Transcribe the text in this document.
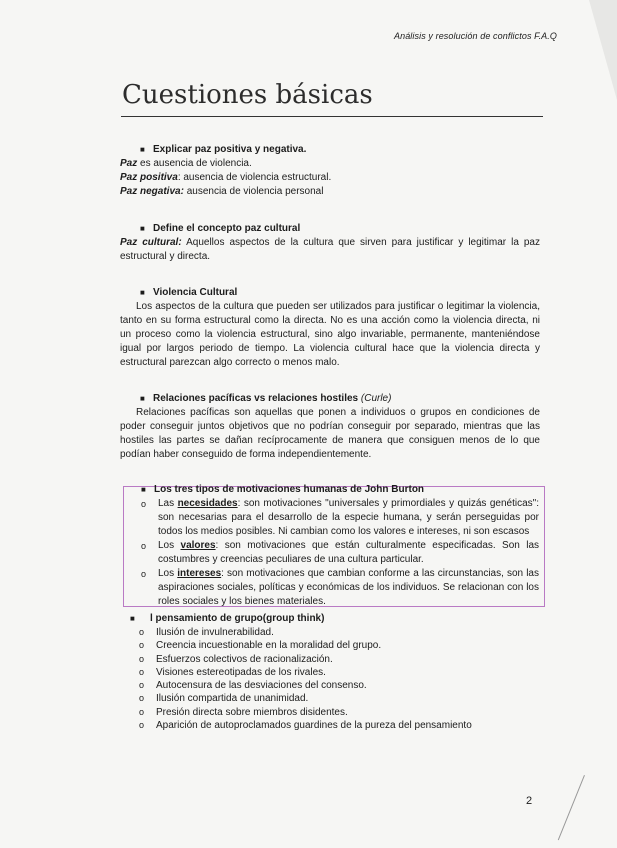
Análisis y resolución de conflictos F.A.Q
Cuestiones básicas
■ Explicar paz positiva y negativa.
Paz es ausencia de violencia.
Paz positiva: ausencia de violencia estructural.
Paz negativa: ausencia de violencia personal
■ Define el concepto paz cultural
Paz cultural: Aquellos aspectos de la cultura que sirven para justificar y legitimar la paz estructural y directa.
■ Violencia Cultural
Los aspectos de la cultura que pueden ser utilizados para justificar o legitimar la violencia, tanto en su forma estructural como la directa. No es una acción como la violencia directa, ni un proceso como la violencia estructural, sino algo invariable, permanente, manteniéndose igual por largos periodo de tiempo. La violencia cultural hace que la violencia directa y estructural parezcan algo correcto o menos malo.
■ Relaciones pacíficas vs relaciones hostiles (Curle)
Relaciones pacíficas son aquellas que ponen a individuos o grupos en condiciones de poder conseguir juntos objetivos que no podrían conseguir por separado, mientras que las hostiles las partes se dañan recíprocamente de manera que consiguen menos de lo que podían haber conseguido de forma independientemente.
■ Los tres tipos de motivaciones humanas de John Burton
o Las necesidades: son motivaciones "universales y primordiales y quizás genéticas": son necesarias para el desarrollo de la especie humana, y serán perseguidas por todos los medios posibles. Ni cambian como los valores e intereses, ni son escasos
o Los valores: son motivaciones que están culturalmente especificadas. Son las costumbres y creencias peculiares de una cultura particular.
o Los intereses: son motivaciones que cambian conforme a las circunstancias, son las aspiraciones sociales, políticas y económicas de los individuos. Se relacionan con los roles sociales y los bienes materiales.
■ l pensamiento de grupo(group think)
o Ilusión de invulnerabilidad.
o Creencia incuestionable en la moralidad del grupo.
o Esfuerzos colectivos de racionalización.
o Visiones estereotipadas de los rivales.
o Autocensura de las desviaciones del consenso.
o Ilusión compartida de unanimidad.
o Presión directa sobre miembros disidentes.
o Aparición de autoproclamados guardines de la pureza del pensamiento
2
